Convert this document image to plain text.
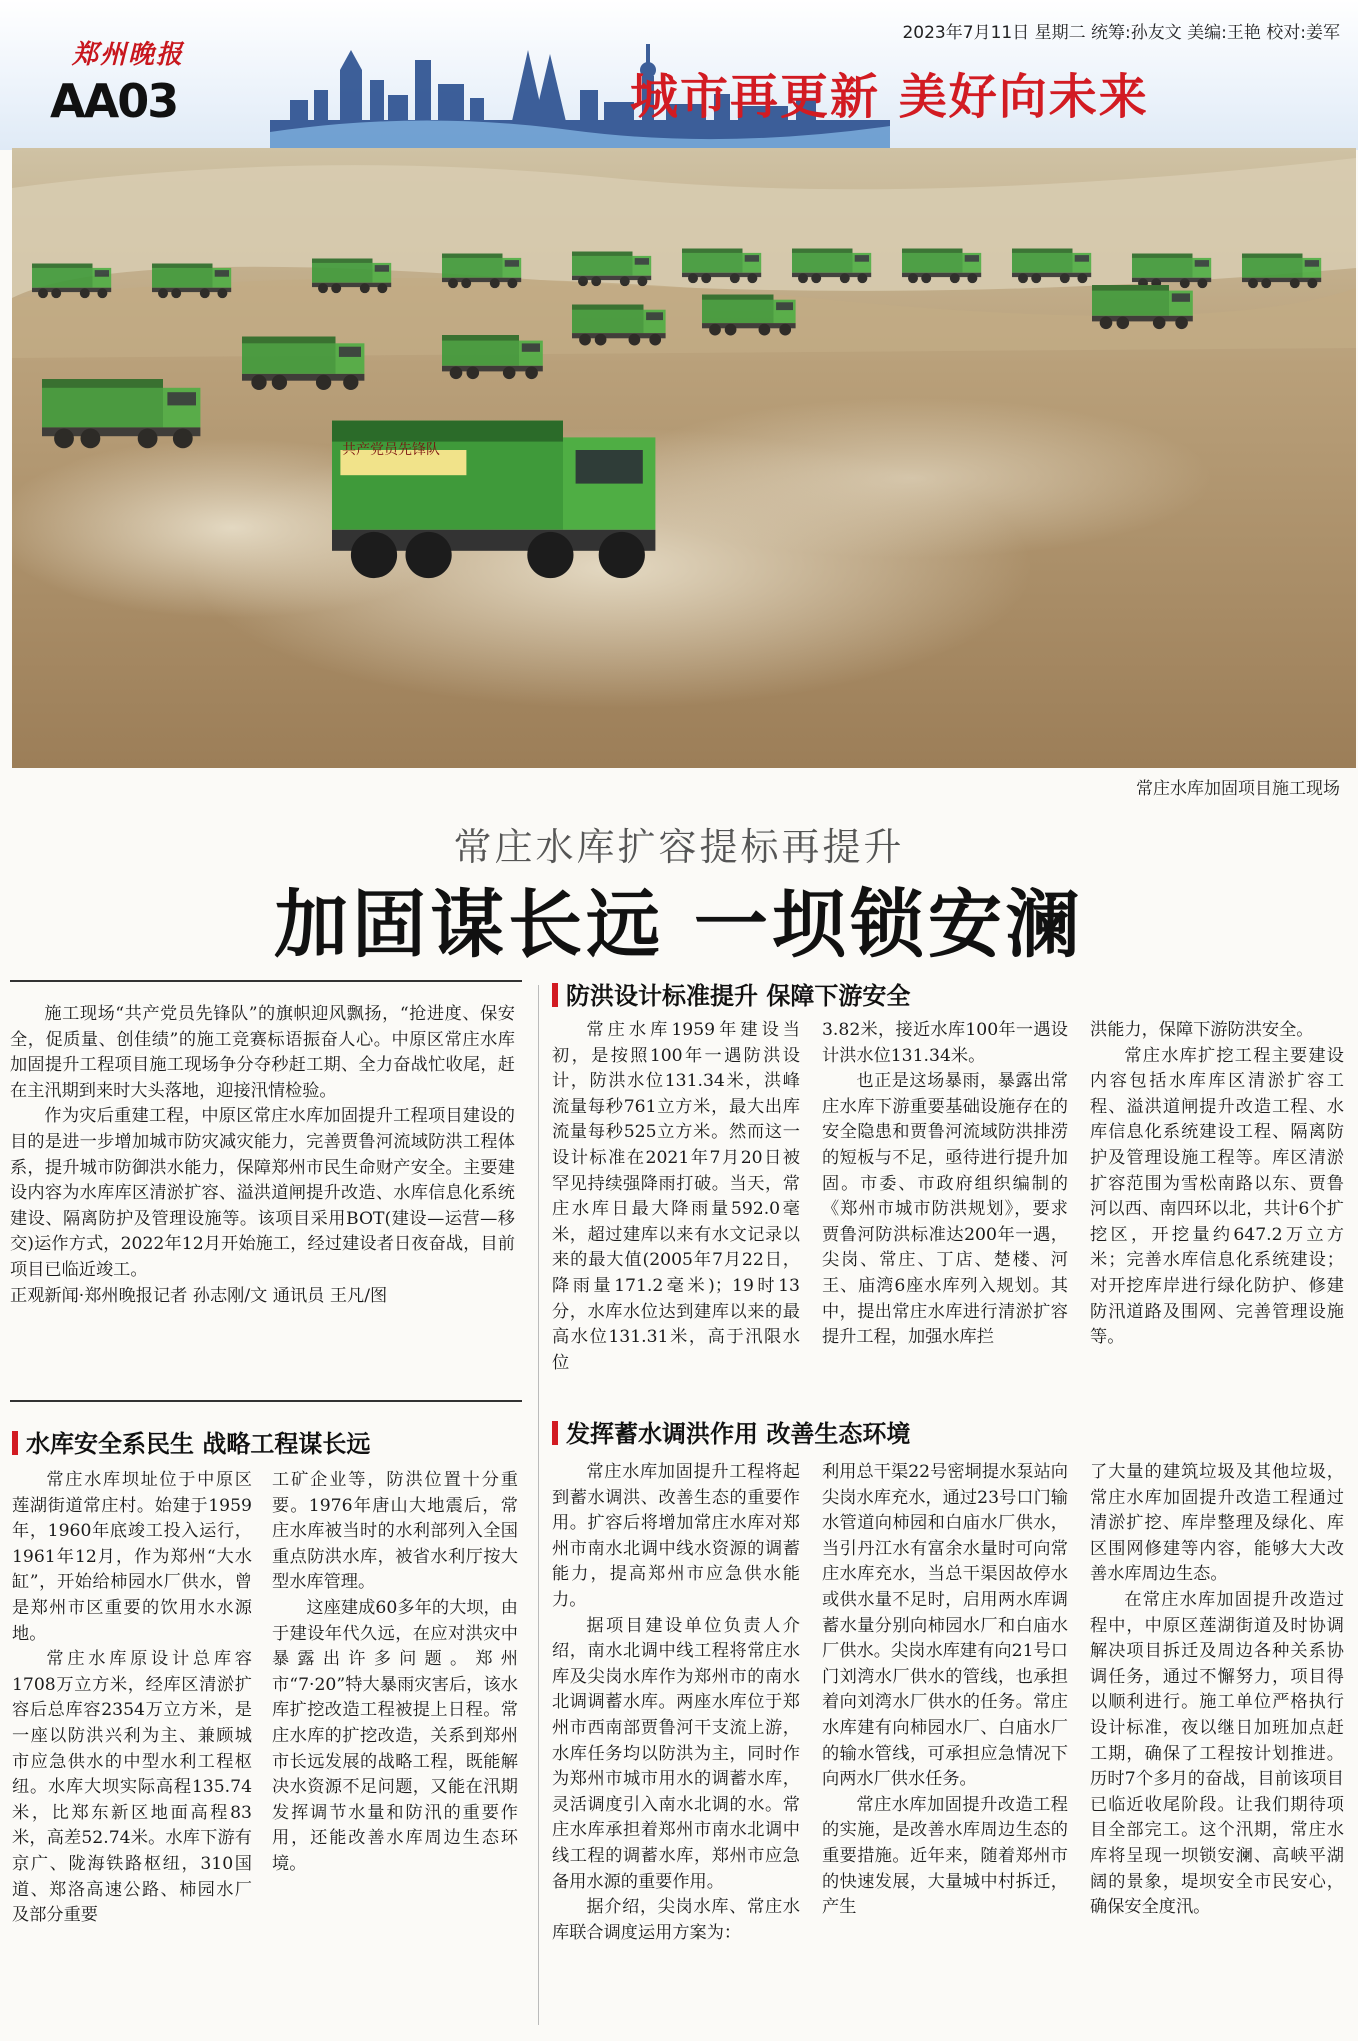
郑州晚报
AA03
2023年7月11日 星期二 统筹:孙友文 美编:王艳 校对:姜军
城市再更新 美好向未来
共产党员先锋队
常庄水库加固项目施工现场
常庄水库扩容提标再提升
加固谋长远 一坝锁安澜

施工现场“共产党员先锋队”的旗帜迎风飘扬，“抢进度、保安全，促质量、创佳绩”的施工竞赛标语振奋人心。中原区常庄水库加固提升工程项目施工现场争分夺秒赶工期、全力奋战忙收尾，赶在主汛期到来时大头落地，迎接汛情检验。

作为灾后重建工程，中原区常庄水库加固提升工程项目建设的目的是进一步增加城市防灾减灾能力，完善贾鲁河流域防洪工程体系，提升城市防御洪水能力，保障郑州市民生命财产安全。主要建设内容为水库库区清淤扩容、溢洪道闸提升改造、水库信息化系统建设、隔离防护及管理设施等。该项目采用BOT(建设—运营—移交)运作方式，2022年12月开始施工，经过建设者日夜奋战，目前项目已临近竣工。

正观新闻·郑州晚报记者 孙志刚/文 通讯员 王凡/图

水库安全系民生 战略工程谋长远

常庄水库坝址位于中原区莲湖街道常庄村。始建于1959年，1960年底竣工投入运行，1961年12月，作为郑州“大水缸”，开始给柿园水厂供水，曾是郑州市区重要的饮用水水源地。

常庄水库原设计总库容1708万立方米，经库区清淤扩容后总库容2354万立方米，是一座以防洪兴利为主、兼顾城市应急供水的中型水利工程枢纽。水库大坝实际高程135.74米，比郑东新区地面高程83米，高差52.74米。水库下游有京广、陇海铁路枢纽，310国道、郑洛高速公路、柿园水厂及部分重要

工矿企业等，防洪位置十分重要。1976年唐山大地震后，常庄水库被当时的水利部列入全国重点防洪水库，被省水利厅按大型水库管理。

这座建成60多年的大坝，由于建设年代久远，在应对洪灾中暴露出许多问题。郑州市“7·20”特大暴雨灾害后，该水库扩挖改造工程被提上日程。常庄水库的扩挖改造，关系到郑州市长远发展的战略工程，既能解决水资源不足问题，又能在汛期发挥调节水量和防汛的重要作用，还能改善水库周边生态环境。

防洪设计标准提升 保障下游安全

常庄水库1959年建设当初，是按照100年一遇防洪设计，防洪水位131.34米，洪峰流量每秒761立方米，最大出库流量每秒525立方米。然而这一设计标准在2021年7月20日被罕见持续强降雨打破。当天，常庄水库日最大降雨量592.0毫米，超过建库以来有水文记录以来的最大值(2005年7月22日，降雨量171.2毫米)；19时13分，水库水位达到建库以来的最高水位131.31米，高于汛限水位

3.82米，接近水库100年一遇设计洪水位131.34米。

也正是这场暴雨，暴露出常庄水库下游重要基础设施存在的安全隐患和贾鲁河流域防洪排涝的短板与不足，亟待进行提升加固。市委、市政府组织编制的《郑州市城市防洪规划》，要求贾鲁河防洪标准达200年一遇，尖岗、常庄、丁店、楚楼、河王、庙湾6座水库列入规划。其中，提出常庄水库进行清淤扩容提升工程，加强水库拦

洪能力，保障下游防洪安全。

常庄水库扩挖工程主要建设内容包括水库库区清淤扩容工程、溢洪道闸提升改造工程、水库信息化系统建设工程、隔离防护及管理设施工程等。库区清淤扩容范围为雪松南路以东、贾鲁河以西、南四环以北，共计6个扩挖区，开挖量约647.2万立方米；完善水库信息化系统建设；对开挖库岸进行绿化防护、修建防汛道路及围网、完善管理设施等。

发挥蓄水调洪作用 改善生态环境

常庄水库加固提升工程将起到蓄水调洪、改善生态的重要作用。扩容后将增加常庄水库对郑州市南水北调中线水资源的调蓄能力，提高郑州市应急供水能力。

据项目建设单位负责人介绍，南水北调中线工程将常庄水库及尖岗水库作为郑州市的南水北调调蓄水库。两座水库位于郑州市西南部贾鲁河干支流上游，水库任务均以防洪为主，同时作为郑州市城市用水的调蓄水库，灵活调度引入南水北调的水。常庄水库承担着郑州市南水北调中线工程的调蓄水库，郑州市应急备用水源的重要作用。

据介绍，尖岗水库、常庄水库联合调度运用方案为：

利用总干渠22号密垌提水泵站向尖岗水库充水，通过23号口门输水管道向柿园和白庙水厂供水，当引丹江水有富余水量时可向常庄水库充水，当总干渠因故停水或供水量不足时，启用两水库调蓄水量分别向柿园水厂和白庙水厂供水。尖岗水库建有向21号口门刘湾水厂供水的管线，也承担着向刘湾水厂供水的任务。常庄水库建有向柿园水厂、白庙水厂的输水管线，可承担应急情况下向两水厂供水任务。

常庄水库加固提升改造工程的实施，是改善水库周边生态的重要措施。近年来，随着郑州市的快速发展，大量城中村拆迁，产生

了大量的建筑垃圾及其他垃圾，常庄水库加固提升改造工程通过清淤扩挖、库岸整理及绿化、库区围网修建等内容，能够大大改善水库周边生态。

在常庄水库加固提升改造过程中，中原区莲湖街道及时协调解决项目拆迁及周边各种关系协调任务，通过不懈努力，项目得以顺利进行。施工单位严格执行设计标准，夜以继日加班加点赶工期，确保了工程按计划推进。历时7个多月的奋战，目前该项目已临近收尾阶段。让我们期待项目全部完工。这个汛期，常庄水库将呈现一坝锁安澜、高峡平湖阔的景象，堤坝安全市民安心，确保安全度汛。
